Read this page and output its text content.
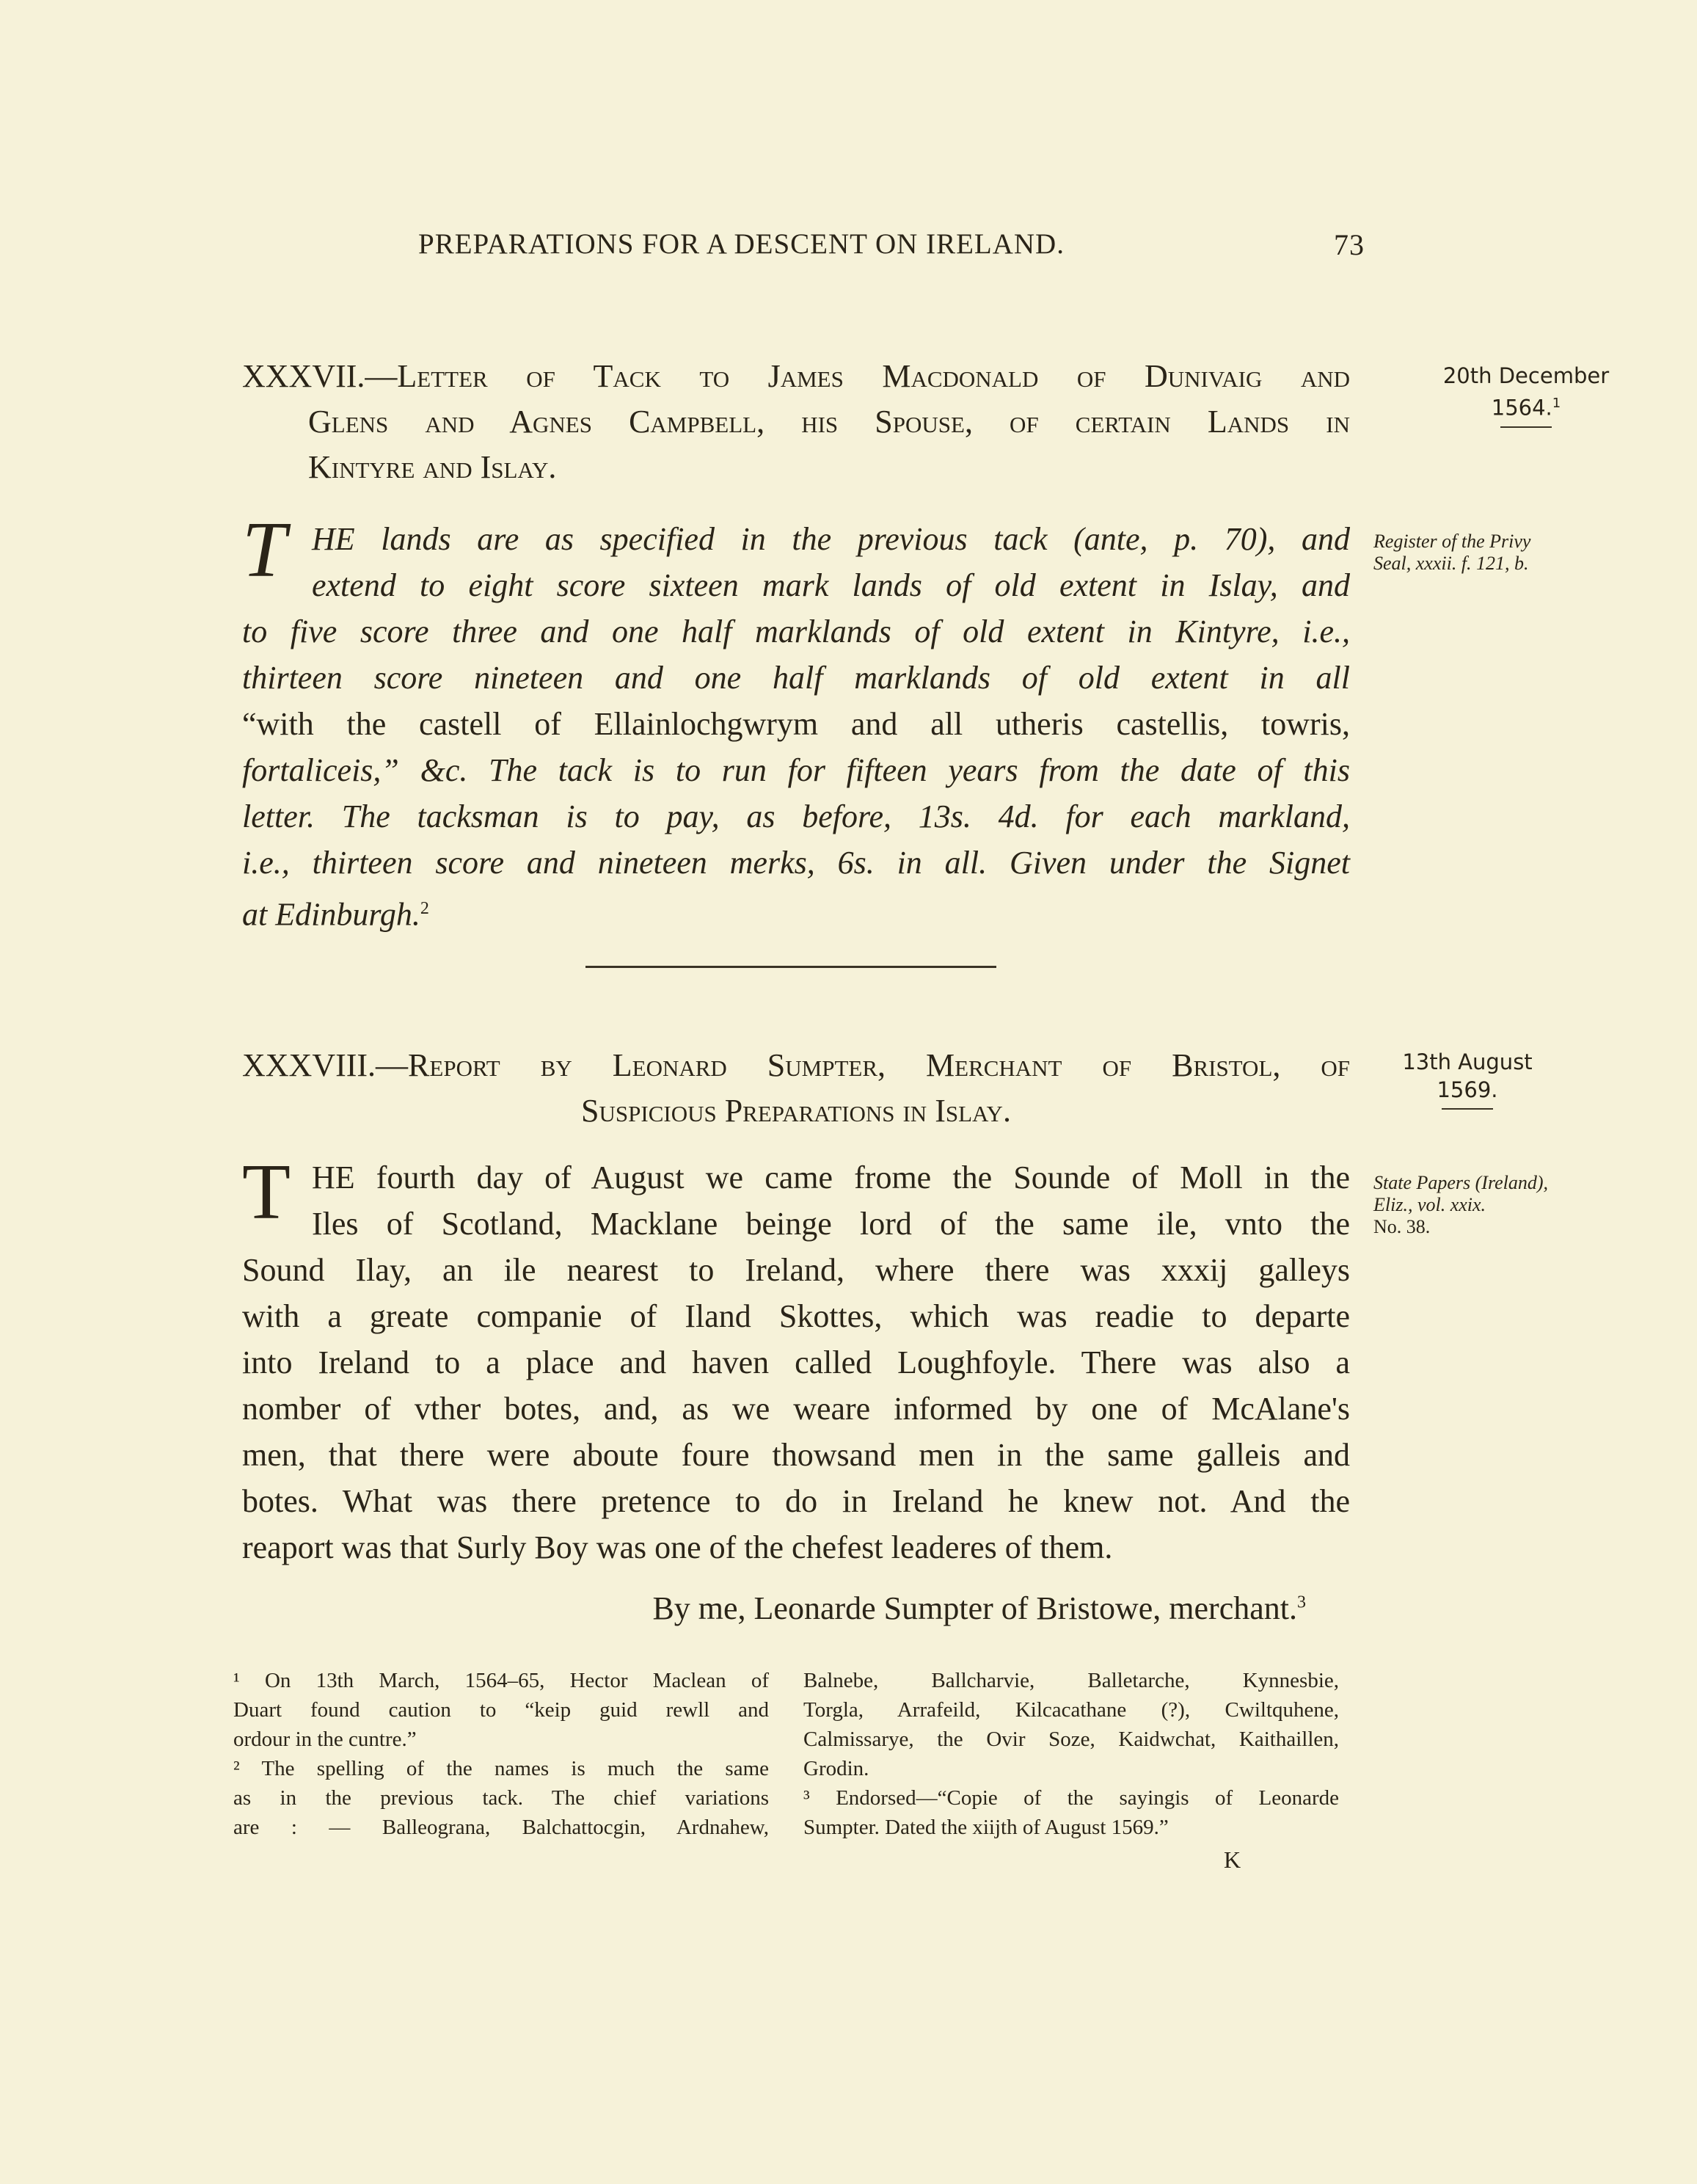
PREPARATIONS FOR A DESCENT ON IRELAND.	73
XXXVII.—Letter of Tack to James Macdonald of Dunivaig and
Glens and Agnes Campbell, his Spouse, of certain Lands in
Kintyre and Islay.
20th December
1564.$^1$
Register of the Privy
Seal, xxxii. f. 121, b.
T HE lands are as specified in the previous tack (ante, p. 70), and
extend to eight score sixteen mark lands of old extent in Islay, and
to five score three and one half marklands of old extent in Kintyre, i.e.,
thirteen score nineteen and one half marklands of old extent in all
“with the castell of Ellainlochgwrym and all utheris castellis, towris,
fortaliceis,” &c. The tack is to run for fifteen years from the date of this
letter. The tacksman is to pay, as before, 13s. 4d. for each markland,
i.e., thirteen score and nineteen merks, 6s. in all. Given under the Signet
at Edinburgh.$^2$
XXXVIII.—Report by Leonard Sumpter, Merchant of Bristol, of
Suspicious Preparations in Islay.
13th August
1569.
State Papers (Ireland),
Eliz., vol. xxix.
No. 38.
T HE fourth day of August we came frome the Sounde of Moll in the
Iles of Scotland, Macklane beinge lord of the same ile, vnto the
Sound Ilay, an ile nearest to Ireland, where there was xxxij galleys
with a greate companie of Iland Skottes, which was readie to departe
into Ireland to a place and haven called Loughfoyle. There was also a
nomber of vther botes, and, as we weare informed by one of McAlane's
men, that there were aboute foure thowsand men in the same galleis and
botes. What was there pretence to do in Ireland he knew not. And the
reaport was that Surly Boy was one of the chefest leaderes of them.
By me, Leonarde Sumpter of Bristowe, merchant.$^3$
¹ On 13th March, 1564–65, Hector Maclean of
Duart found caution to “keip guid rewll and
ordour in the cuntre.”
² The spelling of the names is much the same
as in the previous tack. The chief variations
are : — Balleograna, Balchattocgin, Ardnahew,
Balnebe, Ballcharvie, Balletarche, Kynnesbie,
Torgla, Arrafeild, Kilcacathane (?), Cwiltquhene,
Calmissarye, the Ovir Soze, Kaidwchat, Kaithaillen,
Grodin.
³ Endorsed—“Copie of the sayingis of Leonarde
Sumpter. Dated the xiijth of August 1569.”
K
